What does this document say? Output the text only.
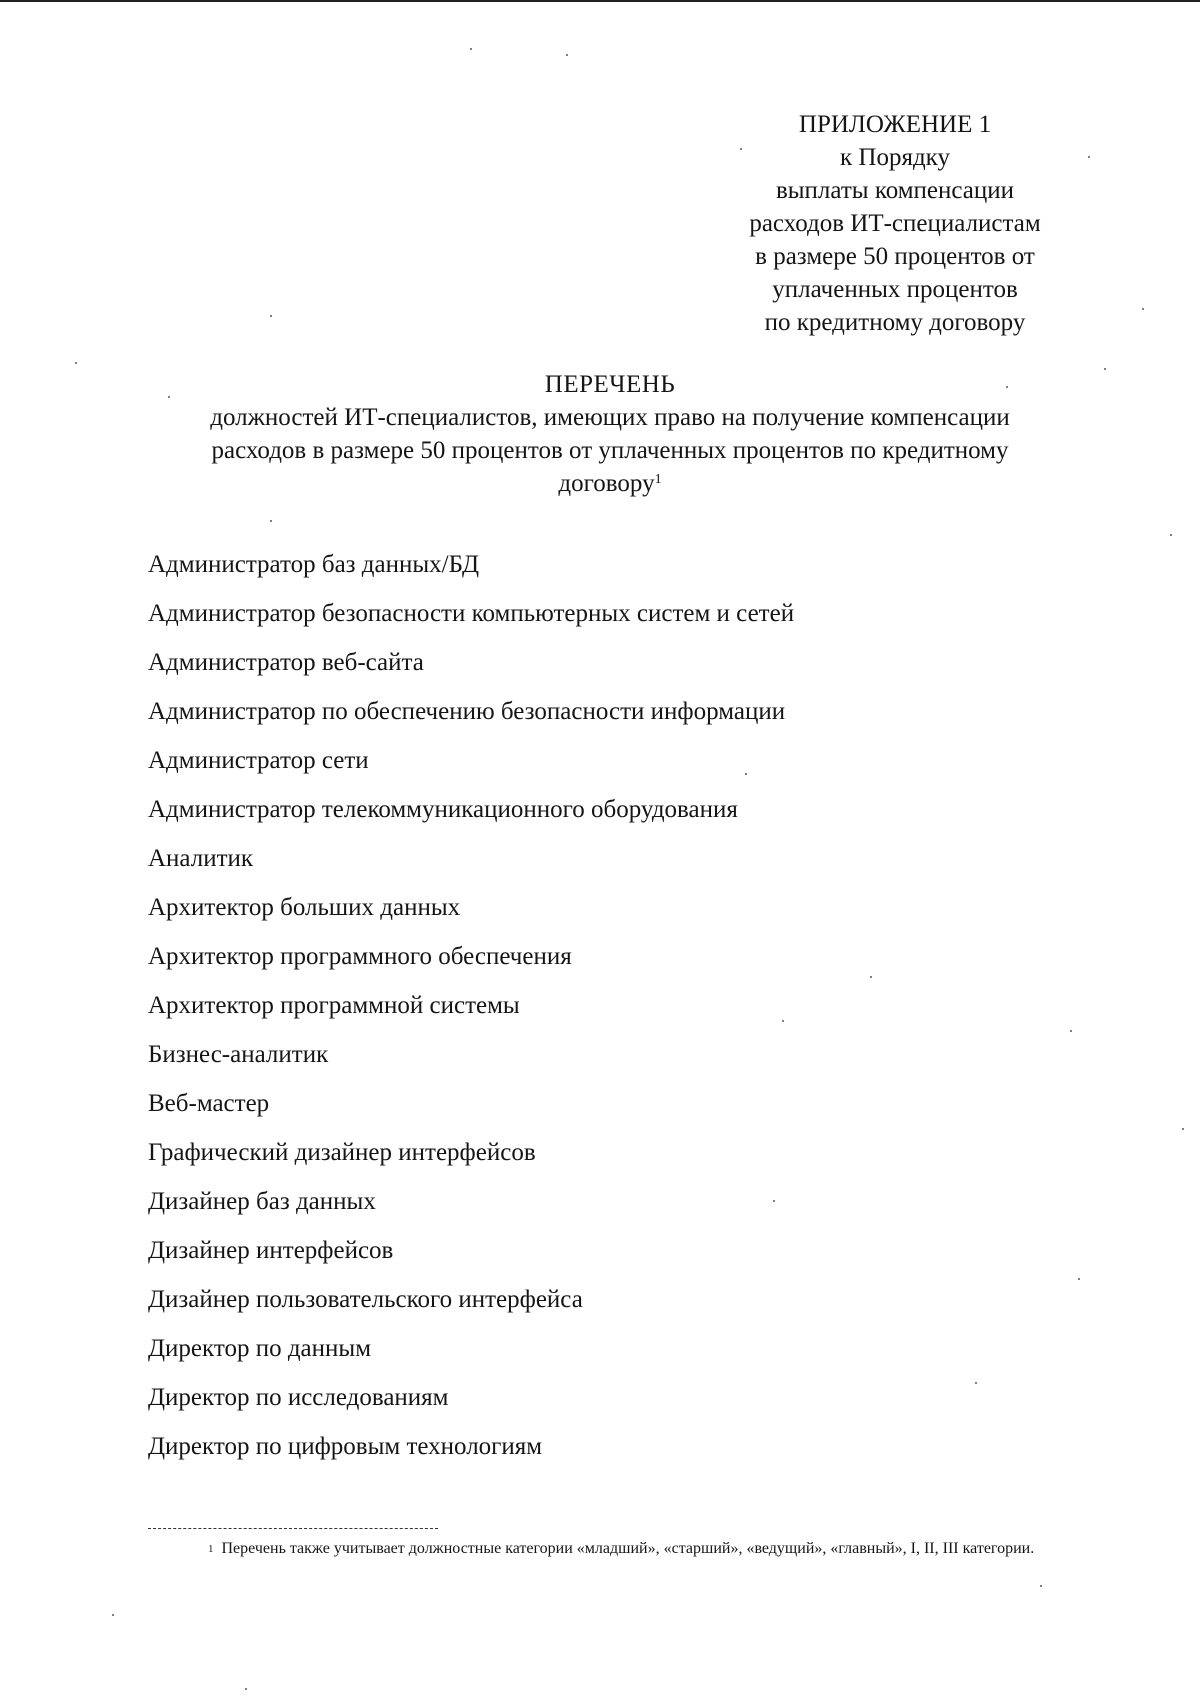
ПРИЛОЖЕНИЕ 1
к Порядку
выплаты компенсации
расходов ИТ-специалистам
в размере 50 процентов от
уплаченных процентов
по кредитному договору
ПЕРЕЧЕНЬ
должностей ИТ-специалистов, имеющих право на получение компенсации
расходов в размере 50 процентов от уплаченных процентов по кредитному
договору$^1$
Администратор баз данных/БД
Администратор безопасности компьютерных систем и сетей
Администратор веб-сайта
Администратор по обеспечению безопасности информации
Администратор сети
Администратор телекоммуникационного оборудования
Аналитик
Архитектор больших данных
Архитектор программного обеспечения
Архитектор программной системы
Бизнес-аналитик
Веб-мастер
Графический дизайнер интерфейсов
Дизайнер баз данных
Дизайнер интерфейсов
Дизайнер пользовательского интерфейса
Директор по данным
Директор по исследованиям
Директор по цифровым технологиям
$^1$ Перечень также учитывает должностные категории «младший», «старший», «ведущий», «главный», I, II, III категории.
